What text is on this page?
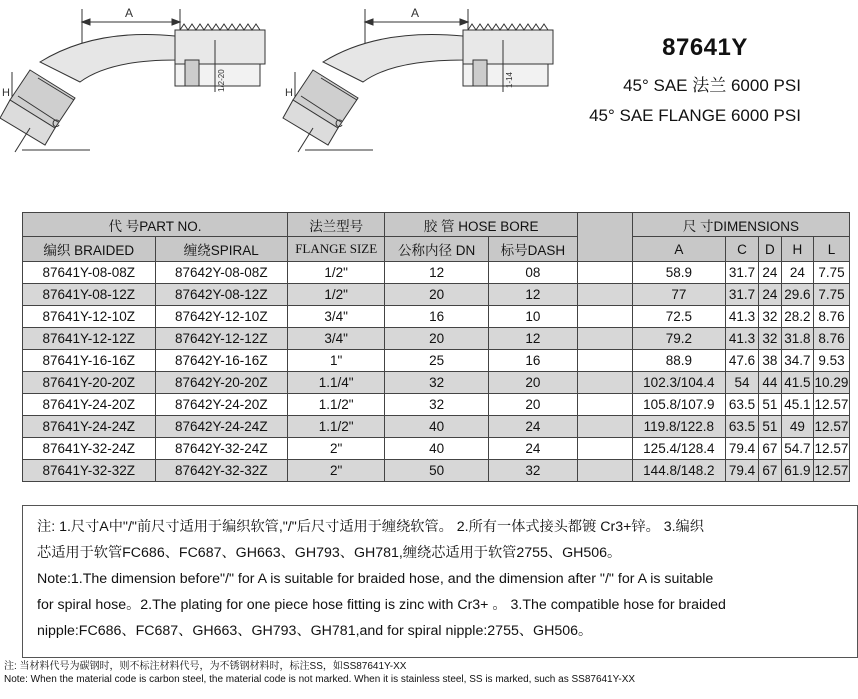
A
H
C
1/2-20
A
H
C
1-14
87641Y
45° SAE 法兰 6000 PSI
45° SAE FLANGE 6000 PSI
代 号PART NO.		法兰型号	胶 管 HOSE BORE			尺 寸DIMENSIONS				
编织 BRAIDED	缠绕SPIRAL	FLANGE SIZE	公称内径 DN	标号DASH		A	C	D	H	L
87641Y-08-08Z	87642Y-08-08Z	1/2"	12	08		58.9	31.7	24	24	7.75
87641Y-08-12Z	87642Y-08-12Z	1/2"	20	12		77	31.7	24	29.6	7.75
87641Y-12-10Z	87642Y-12-10Z	3/4"	16	10		72.5	41.3	32	28.2	8.76
87641Y-12-12Z	87642Y-12-12Z	3/4"	20	12		79.2	41.3	32	31.8	8.76
87641Y-16-16Z	87642Y-16-16Z	1"	25	16		88.9	47.6	38	34.7	9.53
87641Y-20-20Z	87642Y-20-20Z	1.1/4"	32	20		102.3/104.4	54	44	41.5	10.29
87641Y-24-20Z	87642Y-24-20Z	1.1/2"	32	20		105.8/107.9	63.5	51	45.1	12.57
87641Y-24-24Z	87642Y-24-24Z	1.1/2"	40	24		119.8/122.8	63.5	51	49	12.57
87641Y-32-24Z	87642Y-32-24Z	2"	40	24		125.4/128.4	79.4	67	54.7	12.57
87641Y-32-32Z	87642Y-32-32Z	2"	50	32		144.8/148.2	79.4	67	61.9	12.57

注: 1.尺寸A中"/"前尺寸适用于编织软管,"/"后尺寸适用于缠绕软管。 2.所有一体式接头都镀 Cr3+锌。 3.编织

芯适用于软管FC686、FC687、GH663、GH793、GH781,缠绕芯适用于软管2755、GH506。

Note:1.The dimension before"/" for A is suitable for braided hose, and the dimension after "/" for A is suitable

for spiral hose。2.The plating for one piece hose fitting is zinc with Cr3+ 。 3.The compatible hose for braided

nipple:FC686、FC687、GH663、GH793、GH781,and for spiral nipple:2755、GH506。

注: 当材料代号为碳钢时，则不标注材料代号，为不锈钢材料时，标注SS，如SS87641Y-XX
Note: When the material code is carbon steel, the material code is not marked. When it is stainless steel, SS is marked, such as SS87641Y-XX
